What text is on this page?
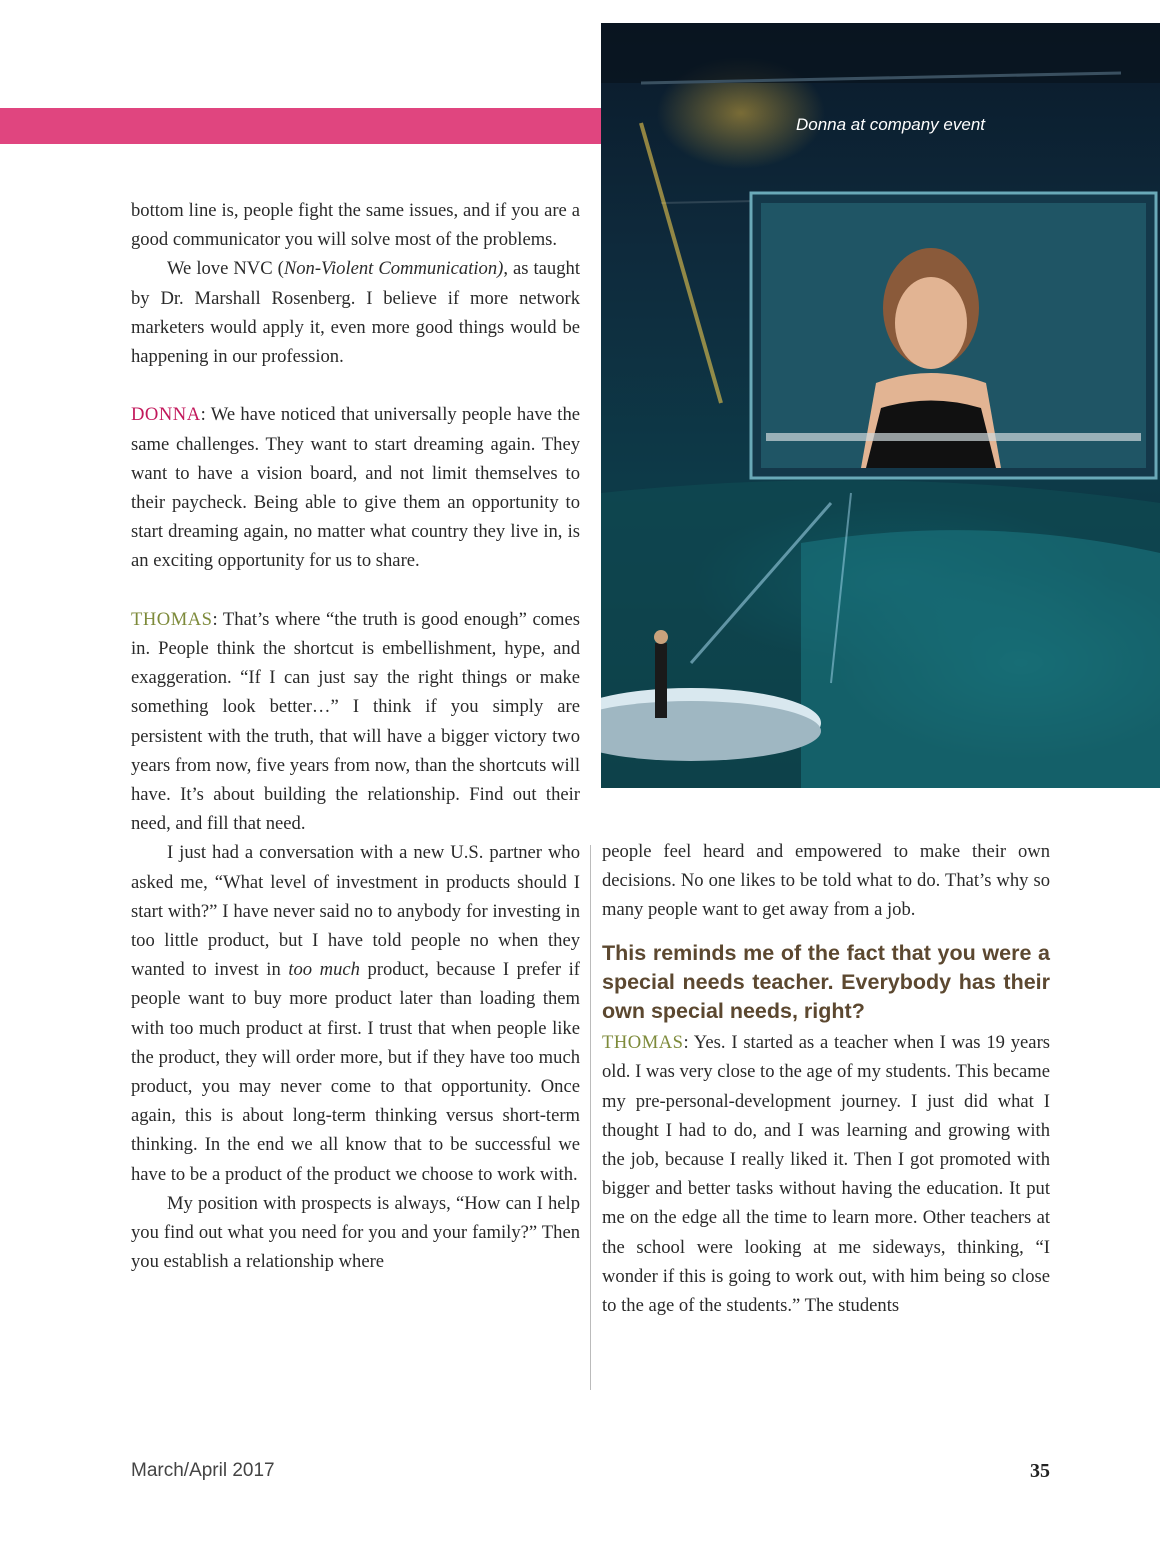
Donna at company event

bottom line is, people fight the same issues, and if you are a good communicator you will solve most of the problems.

We love NVC (Non-Violent Communication), as taught by Dr. Marshall Rosenberg. I believe if more network marketers would apply it, even more good things would be happening in our profession.

DONNA: We have noticed that universally people have the same challenges. They want to start dreaming again. They want to have a vision board, and not limit themselves to their paycheck. Being able to give them an opportunity to start dreaming again, no matter what country they live in, is an exciting opportunity for us to share.

THOMAS: That’s where “the truth is good enough” comes in. People think the shortcut is embellishment, hype, and exaggeration. “If I can just say the right things or make something look better…” I think if you simply are persistent with the truth, that will have a bigger victory two years from now, five years from now, than the shortcuts will have. It’s about building the relationship. Find out their need, and fill that need.

I just had a conversation with a new U.S. partner who asked me, “What level of investment in products should I start with?” I have never said no to anybody for investing in too little product, but I have told people no when they wanted to invest in too much product, because I prefer if people want to buy more product later than loading them with too much product at first. I trust that when people like the product, they will order more, but if they have too much product, you may never come to that opportunity. Once again, this is about long-term thinking versus short-term thinking. In the end we all know that to be successful we have to be a product of the product we choose to work with.

My position with prospects is always, “How can I help you find out what you need for you and your family?” Then you establish a relationship where

people feel heard and empowered to make their own decisions. No one likes to be told what to do. That’s why so many people want to get away from a job.

This reminds me of the fact that you were a special needs teacher. Everybody has their own special needs, right?

THOMAS: Yes. I started as a teacher when I was 19 years old. I was very close to the age of my students. This became my pre-personal-development journey. I just did what I thought I had to do, and I was learning and growing with the job, because I really liked it. Then I got promoted with bigger and better tasks without having the education. It put me on the edge all the time to learn more. Other teachers at the school were looking at me sideways, thinking, “I wonder if this is going to work out, with him being so close to the age of the students.” The students

March/April 2017	35
